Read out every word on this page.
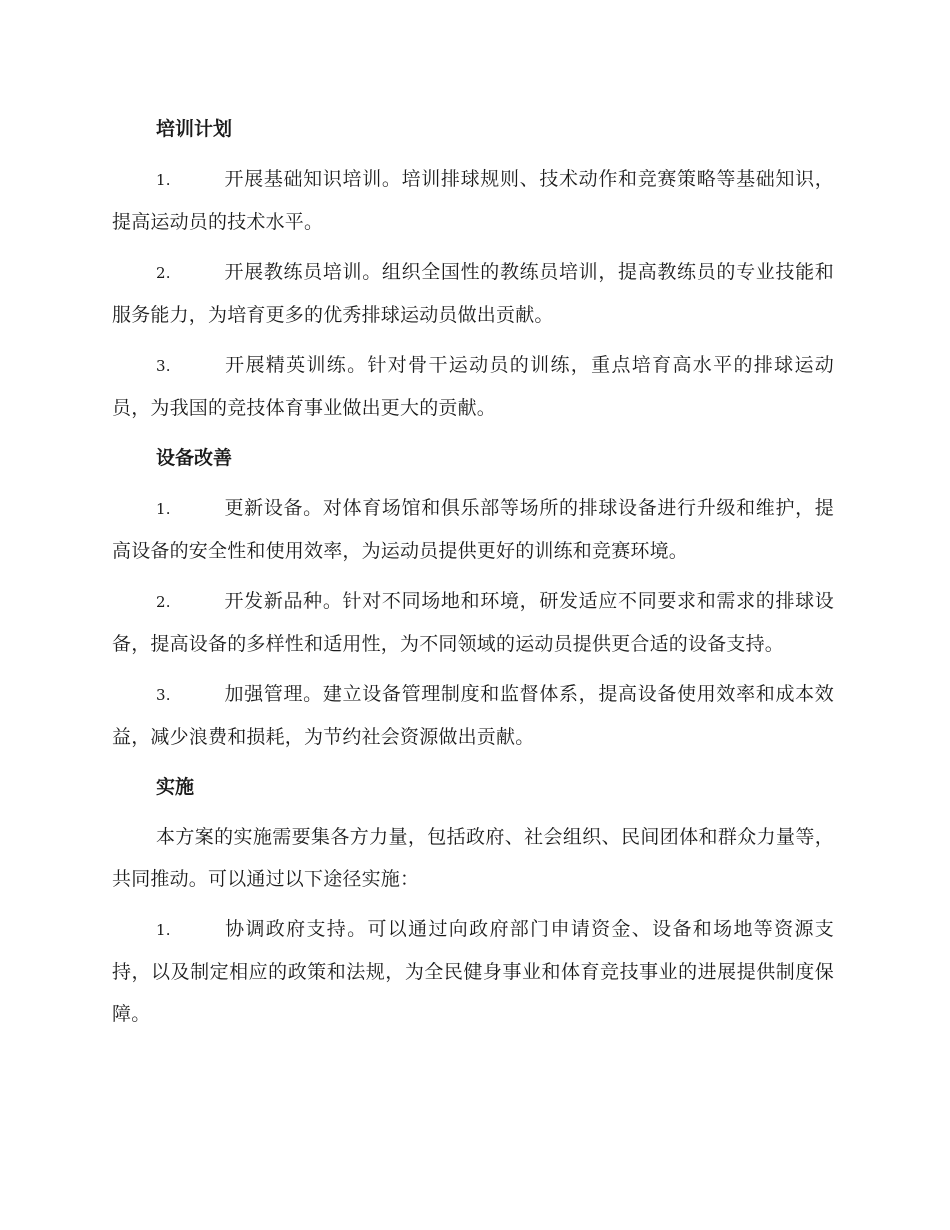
培训计划
1.	开展基础知识培训。培训排球规则、技术动作和竞赛策略等基础知识，提高运动员的技术水平。
2.	开展教练员培训。组织全国性的教练员培训，提高教练员的专业技能和服务能力，为培育更多的优秀排球运动员做出贡献。
3.	开展精英训练。针对骨干运动员的训练，重点培育高水平的排球运动员，为我国的竞技体育事业做出更大的贡献。
设备改善
1.	更新设备。对体育场馆和俱乐部等场所的排球设备进行升级和维护，提高设备的安全性和使用效率，为运动员提供更好的训练和竞赛环境。
2.	开发新品种。针对不同场地和环境，研发适应不同要求和需求的排球设备，提高设备的多样性和适用性，为不同领域的运动员提供更合适的设备支持。
3.	加强管理。建立设备管理制度和监督体系，提高设备使用效率和成本效益，减少浪费和损耗，为节约社会资源做出贡献。
实施
本方案的实施需要集各方力量，包括政府、社会组织、民间团体和群众力量等，共同推动。可以通过以下途径实施：
1.	协调政府支持。可以通过向政府部门申请资金、设备和场地等资源支持，以及制定相应的政策和法规，为全民健身事业和体育竞技事业的进展提供制度保障。
